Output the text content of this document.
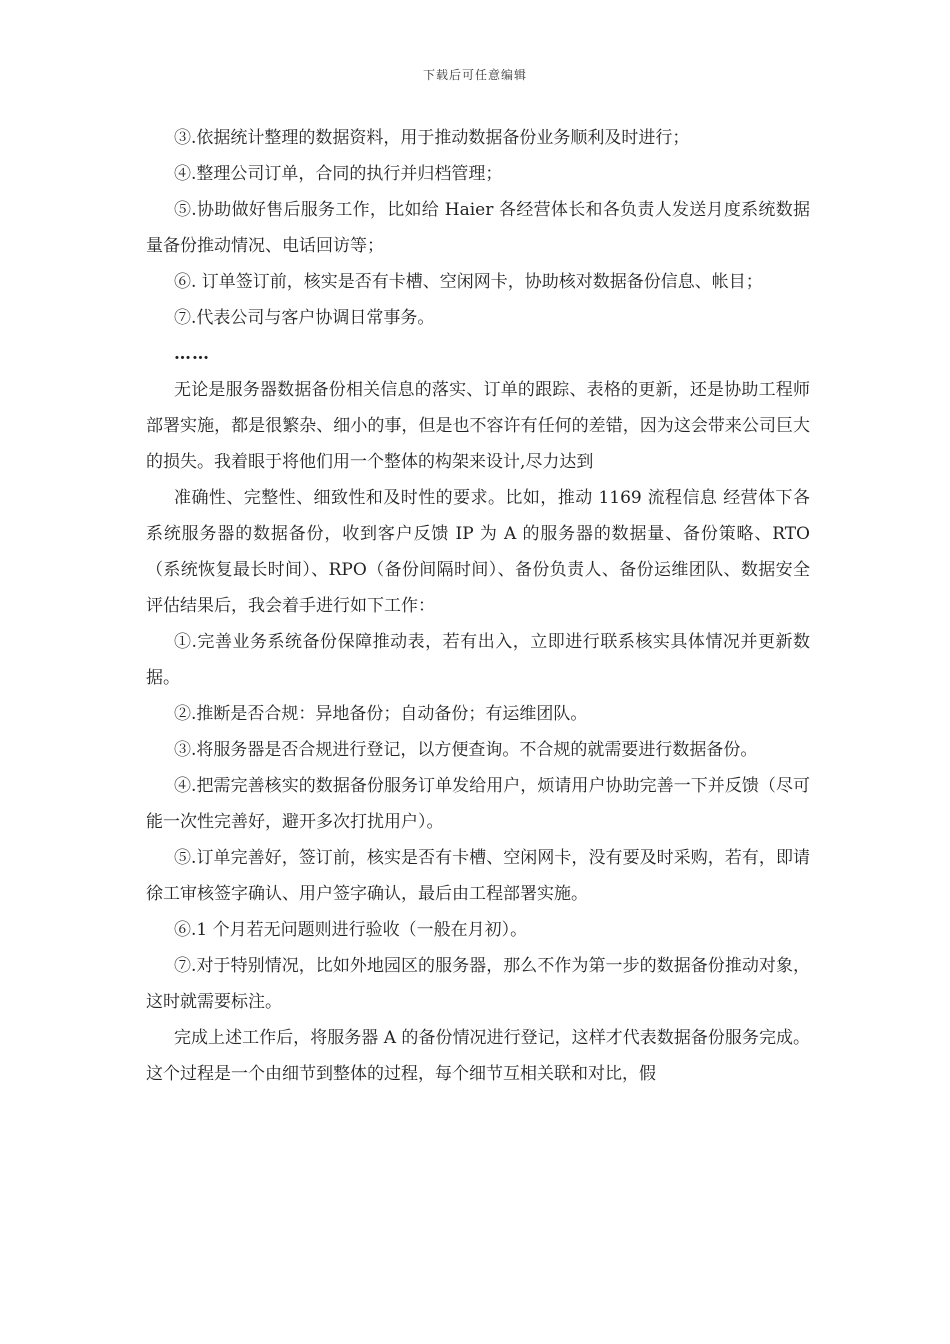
下载后可任意编辑

③.依据统计整理的数据资料，用于推动数据备份业务顺利及时进行；

④.整理公司订单，合同的执行并归档管理；

⑤.协助做好售后服务工作，比如给 Haier 各经营体长和各负责人发送月度系统数据量备份推动情况、电话回访等；

⑥. 订单签订前，核实是否有卡槽、空闲网卡，协助核对数据备份信息、帐目；

⑦.代表公司与客户协调日常事务。

……

无论是服务器数据备份相关信息的落实、订单的跟踪、表格的更新，还是协助工程师部署实施，都是很繁杂、细小的事，但是也不容许有任何的差错，因为这会带来公司巨大的损失。我着眼于将他们用一个整体的构架来设计,尽力达到

准确性、完整性、细致性和及时性的要求。比如，推动 1169 流程信息 经营体下各系统服务器的数据备份，收到客户反馈 IP 为 A 的服务器的数据量、备份策略、RTO（系统恢复最长时间）、RPO（备份间隔时间）、备份负责人、备份运维团队、数据安全评估结果后，我会着手进行如下工作：

①.完善业务系统备份保障推动表，若有出入，立即进行联系核实具体情况并更新数据。

②.推断是否合规：异地备份；自动备份；有运维团队。

③.将服务器是否合规进行登记，以方便查询。不合规的就需要进行数据备份。

④.把需完善核实的数据备份服务订单发给用户，烦请用户协助完善一下并反馈（尽可能一次性完善好，避开多次打扰用户）。

⑤.订单完善好，签订前，核实是否有卡槽、空闲网卡，没有要及时采购，若有，即请徐工审核签字确认、用户签字确认，最后由工程部署实施。

⑥.1 个月若无问题则进行验收（一般在月初）。

⑦.对于特别情况，比如外地园区的服务器，那么不作为第一步的数据备份推动对象，这时就需要标注。

完成上述工作后，将服务器 A 的备份情况进行登记，这样才代表数据备份服务完成。这个过程是一个由细节到整体的过程，每个细节互相关联和对比，假
